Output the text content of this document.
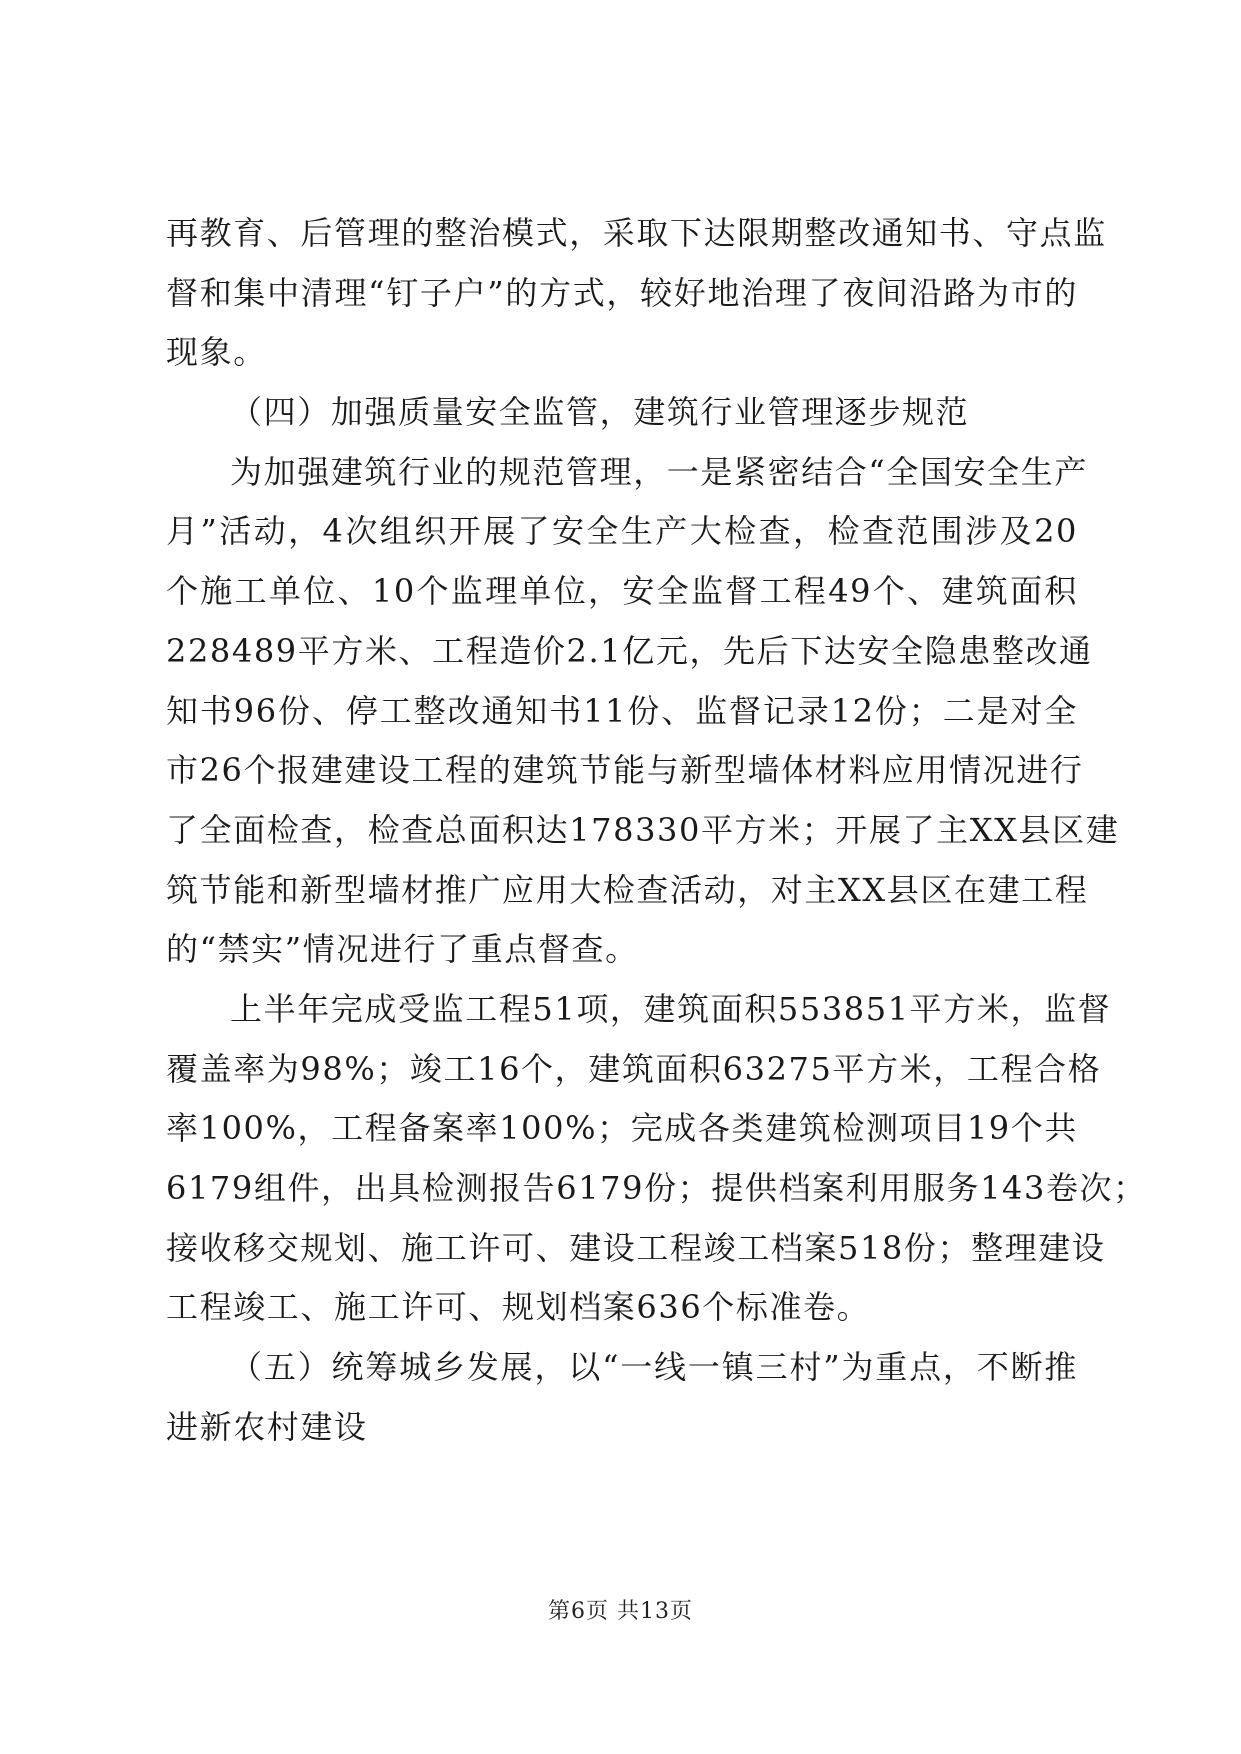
再教育、后管理的整治模式，采取下达限期整改通知书、守点监
督和集中清理“钉子户”的方式，较好地治理了夜间沿路为市的
现象。
（四）加强质量安全监管，建筑行业管理逐步规范
为加强建筑行业的规范管理，一是紧密结合“全国安全生产
月”活动，4次组织开展了安全生产大检查，检查范围涉及20
个施工单位、10个监理单位，安全监督工程49个、建筑面积
228489平方米、工程造价2.1亿元，先后下达安全隐患整改通
知书96份、停工整改通知书11份、监督记录12份；二是对全
市26个报建建设工程的建筑节能与新型墙体材料应用情况进行
了全面检查，检查总面积达178330平方米；开展了主XX县区建
筑节能和新型墙材推广应用大检查活动，对主XX县区在建工程
的“禁实”情况进行了重点督查。
上半年完成受监工程51项，建筑面积553851平方米，监督
覆盖率为98%；竣工16个，建筑面积63275平方米，工程合格
率100%，工程备案率100%；完成各类建筑检测项目19个共
6179组件，出具检测报告6179份；提供档案利用服务143卷次；
接收移交规划、施工许可、建设工程竣工档案518份；整理建设
工程竣工、施工许可、规划档案636个标准卷。
（五）统筹城乡发展，以“一线一镇三村”为重点，不断推
进新农村建设
第6页 共13页
